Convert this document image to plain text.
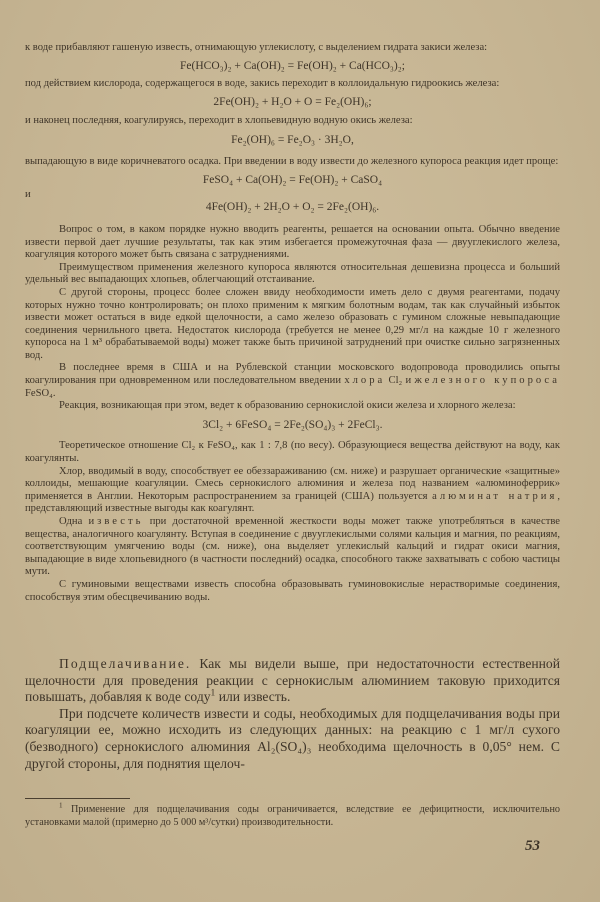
к воде прибавляют гашеную известь, отнимающую углекислоту, с выделением гидрата закиси железа:

Fe(HCO₃)₂ + Ca(OH)₂ = Fe(OH)₂ + Ca(HCO₃)₂;

под действием кислорода, содержащегося в воде, закись переходит в коллоидальную гидроокись железа:

2Fe(OH)₂ + H₂O + O = Fe₂(OH)₆;

и наконец последняя, коагулируясь, переходит в хлопьевидную водную окись железа:

Fe₂(OH)₆ = Fe₂O₃ · 3H₂O,

выпадающую в виде коричневатого осадка. При введении в воду извести до железного купороса реакция идет проще:

FeSO₄ + Ca(OH)₂ = Fe(OH)₂ + CaSO₄

и

4Fe(OH)₂ + 2H₂O + O₂ = 2Fe₂(OH)₆.

Вопрос о том, в каком порядке нужно вводить реагенты, решается на основании опыта. Обычно введение извести первой дает лучшие результаты, так как этим избегается промежуточная фаза — двууглекислого железа, коагуляция которого может быть связана с затруднениями.

Преимуществом применения железного купороса являются относительная дешевизна процесса и больший удельный вес выпадающих хлопьев, облегчающий отстаивание.

С другой стороны, процесс более сложен ввиду необходимости иметь дело с двумя реагентами, подачу которых нужно точно контролировать; он плохо применим к мягким болотным водам, так как случайный избыток извести может остаться в виде едкой щелочности, а само железо образовать с гумином сложные невыпадающие соединения чернильного цвета. Недостаток кислорода (требуется не менее 0,29 мг/л на каждые 10 г железного купороса на 1 м³ обрабатываемой воды) может также быть причиной затруднений при очистке сильно загрязненных вод.

В последнее время в США и на Рублевской станции московского водопровода проводились опыты коагулирования при одновременном или последовательном введении хлора Cl₂ и железного купороса FeSO₄.

Реакция, возникающая при этом, ведет к образованию сернокислой окиси железа и хлорного железа:

3Cl₂ + 6FeSO₄ = 2Fe₂(SO₄)₃ + 2FeCl₃.

Теоретическое отношение Cl₂ к FeSO₄, как 1 : 7,8 (по весу). Образующиеся вещества действуют на воду, как коагулянты.

Хлор, вводимый в воду, способствует ее обеззараживанию (см. ниже) и разрушает органические «защитные» коллоиды, мешающие коагуляции. Смесь сернокислого алюминия и железа под названием «алюминоферрик» применяется в Англии. Некоторым распространением за границей (США) пользуется алюминат натрия, представляющий известные выгоды как коагулянт.

Одна известь при достаточной временной жесткости воды может также употребляться в качестве вещества, аналогичного коагулянту. Вступая в соединение с двууглекислыми солями кальция и магния, по реакциям, соответствующим умягчению воды (см. ниже), она выделяет углекислый кальций и гидрат окиси магния, выпадающие в виде хлопьевидного (в частности последний) осадка, способного также захватывать с собою частицы мути.

С гуминовыми веществами известь способна образовывать гуминовокислые нерастворимые соединения, способствуя этим обесцвечиванию воды.

Подщелачивание. Как мы видели выше, при недостаточности естественной щелочности для проведения реакции с сернокислым алюминием таковую приходится повышать, добавляя к воде соду$^1$ или известь.

При подсчете количеств извести и соды, необходимых для подщелачивания воды при коагуляции ее, можно исходить из следующих данных: на реакцию с 1 мг/л сухого (безводного) сернокислого алюминия Al₂(SO₄)₃ необходима щелочность в 0,05° нем. С другой стороны, для поднятия щелоч-

$^1$ Применение для подщелачивания соды ограничивается, вследствие ее дефицитности, исключительно установками малой (примерно до 5 000 м³/сутки) производительности.
53
